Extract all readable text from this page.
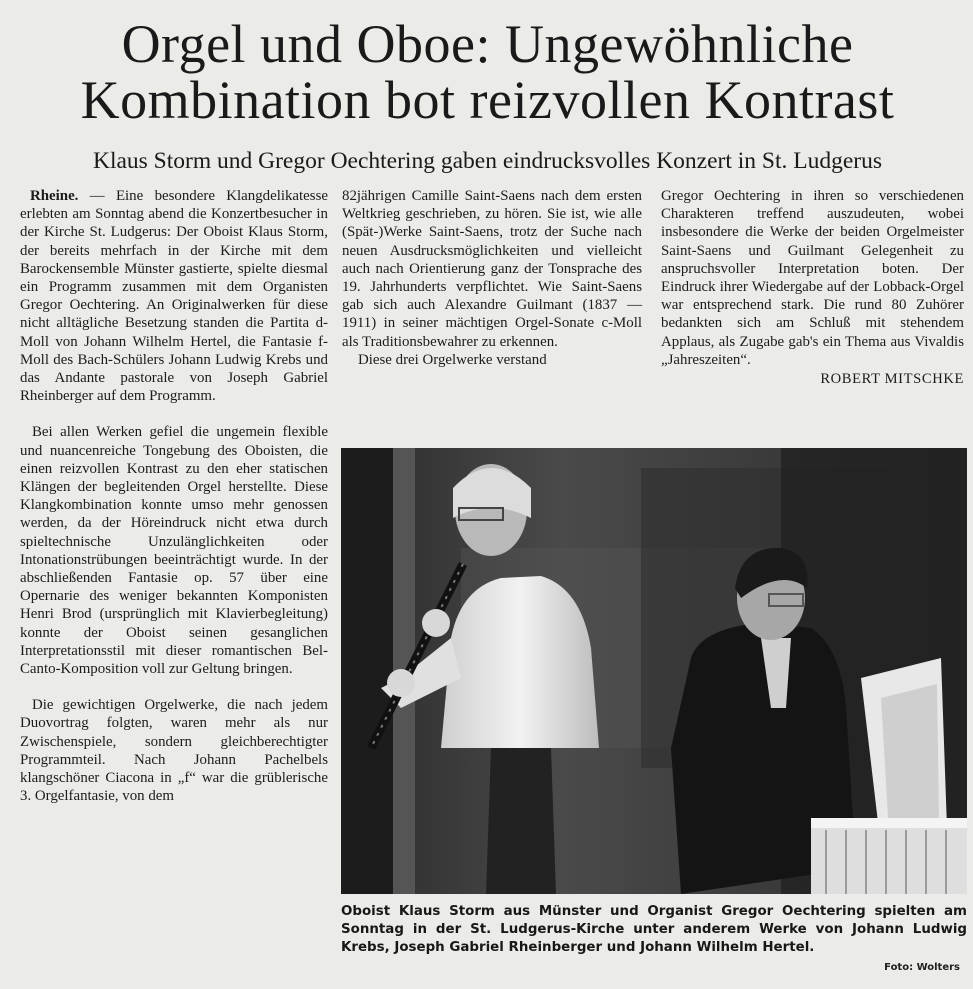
Orgel und Oboe: Ungewöhnliche
Kombination bot reizvollen Kontrast
Klaus Storm und Gregor Oechtering gaben eindrucksvolles Konzert in St. Ludgerus

Rheine. — Eine besondere Klangdelikatesse erlebten am Sonntag abend die Konzertbesucher in der Kirche St. Ludgerus: Der Oboist Klaus Storm, der bereits mehrfach in der Kirche mit dem Barockensemble Münster gastierte, spielte diesmal ein Programm zusammen mit dem Organisten Gregor Oechtering. An Originalwerken für diese nicht alltägliche Besetzung standen die Partita d-Moll von Johann Wilhelm Hertel, die Fantasie f-Moll des Bach-Schülers Johann Ludwig Krebs und das Andante pastorale von Joseph Gabriel Rheinberger auf dem Programm.

Bei allen Werken gefiel die ungemein flexible und nuancenreiche Tongebung des Oboisten, die einen reizvollen Kontrast zu den eher statischen Klängen der begleitenden Orgel herstellte. Diese Klangkombination konnte umso mehr genossen werden, da der Höreindruck nicht etwa durch spieltechnische Unzulänglichkeiten oder Intonationstrübungen beeinträchtigt wurde. In der abschließenden Fantasie op. 57 über eine Opernarie des weniger bekannten Komponisten Henri Brod (ursprünglich mit Klavierbegleitung) konnte der Oboist seinen gesanglichen Interpretationsstil mit dieser romantischen Bel-Canto-Komposition voll zur Geltung bringen.

Die gewichtigen Orgelwerke, die nach jedem Duovortrag folgten, waren mehr als nur Zwischenspiele, sondern gleichberechtigter Programmteil. Nach Johann Pachelbels klangschöner Ciacona in „f“ war die grüblerische 3. Orgelfantasie, von dem

82jährigen Camille Saint-Saens nach dem ersten Weltkrieg geschrieben, zu hören. Sie ist, wie alle (Spät-)Werke Saint-Saens, trotz der Suche nach neuen Ausdrucksmöglichkeiten und vielleicht auch nach Orientierung ganz der Tonsprache des 19. Jahrhunderts verpflichtet. Wie Saint-Saens gab sich auch Alexandre Guilmant (1837 — 1911) in seiner mächtigen Orgel-Sonate c-Moll als Traditionsbewahrer zu erkennen.

Diese drei Orgelwerke verstand

Gregor Oechtering in ihren so verschiedenen Charakteren treffend auszudeuten, wobei insbesondere die Werke der beiden Orgelmeister Saint-Saens und Guilmant Gelegenheit zu anspruchsvoller Interpretation boten. Der Eindruck ihrer Wiedergabe auf der Lobback-Orgel war entsprechend stark. Die rund 80 Zuhörer bedankten sich am Schluß mit stehendem Applaus, als Zugabe gab's ein Thema aus Vivaldis „Jahreszeiten“.

ROBERT MITSCHKE
Oboist Klaus Storm aus Münster und Organist Gregor Oechtering spielten am Sonntag in der St. Ludgerus-Kirche unter anderem Werke von Johann Ludwig Krebs, Joseph Gabriel Rheinberger und Johann Wilhelm Hertel.
Foto: Wolters
